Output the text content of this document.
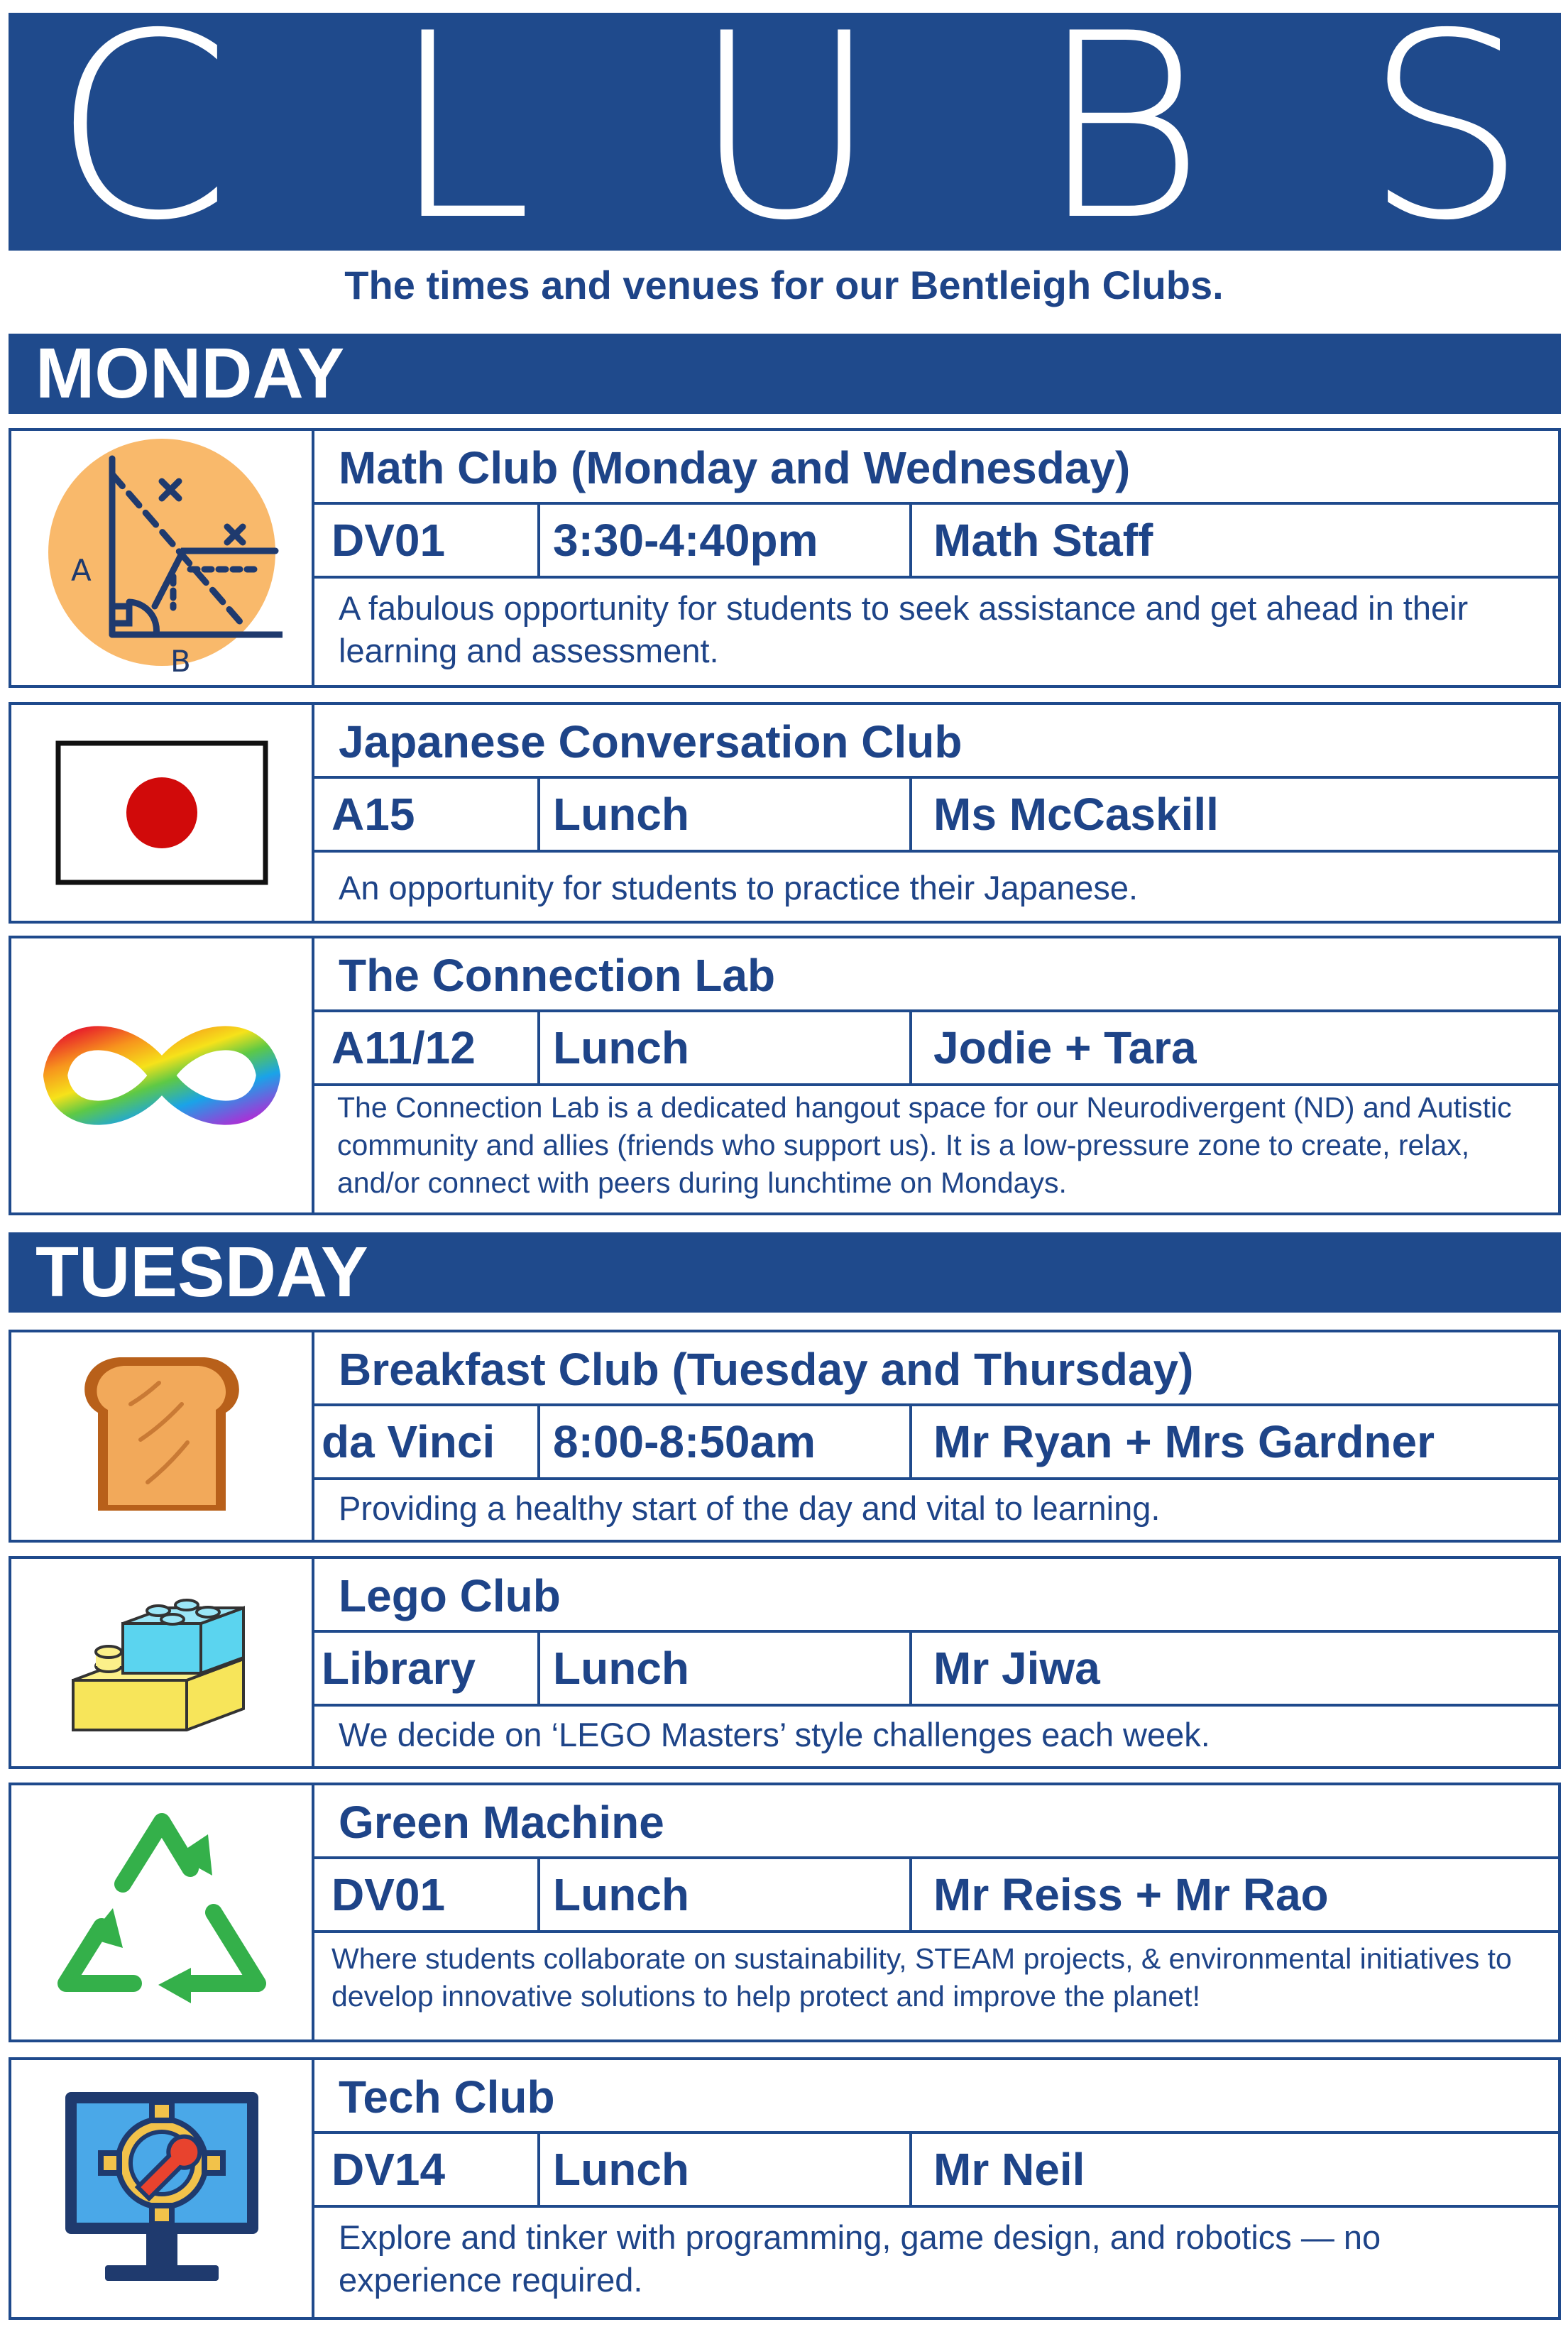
C L U B S
The times and venues for our Bentleigh Clubs.
MONDAY
A
B
Math Club (Monday and Wednesday)
DV01	3:30-4:40pm	Math Staff
A fabulous opportunity for students to seek assistance and get ahead in their learning and assessment.
Japanese Conversation Club
A15	Lunch	Ms McCaskill
An opportunity for students to practice their Japanese.
The Connection Lab
A11/12	Lunch	Jodie + Tara
The Connection Lab is a dedicated hangout space for our Neurodivergent (ND) and Autistic community and allies (friends who support us). It is a low-pressure zone to create, relax, and/or connect with peers during lunchtime on Mondays.
TUESDAY
Breakfast Club (Tuesday and Thursday)
da Vinci	8:00-8:50am	Mr Ryan + Mrs Gardner
Providing a healthy start of the day and vital to learning.
Lego Club
Library	Lunch	Mr Jiwa
We decide on ‘LEGO Masters’ style challenges each week.
Green Machine
DV01	Lunch	Mr Reiss + Mr Rao
Where students collaborate on sustainability, STEAM projects, & environmental initiatives to develop innovative solutions to help protect and improve the planet!
Tech Club
DV14	Lunch	Mr Neil
Explore and tinker with programming, game design, and robotics — no experience required.
